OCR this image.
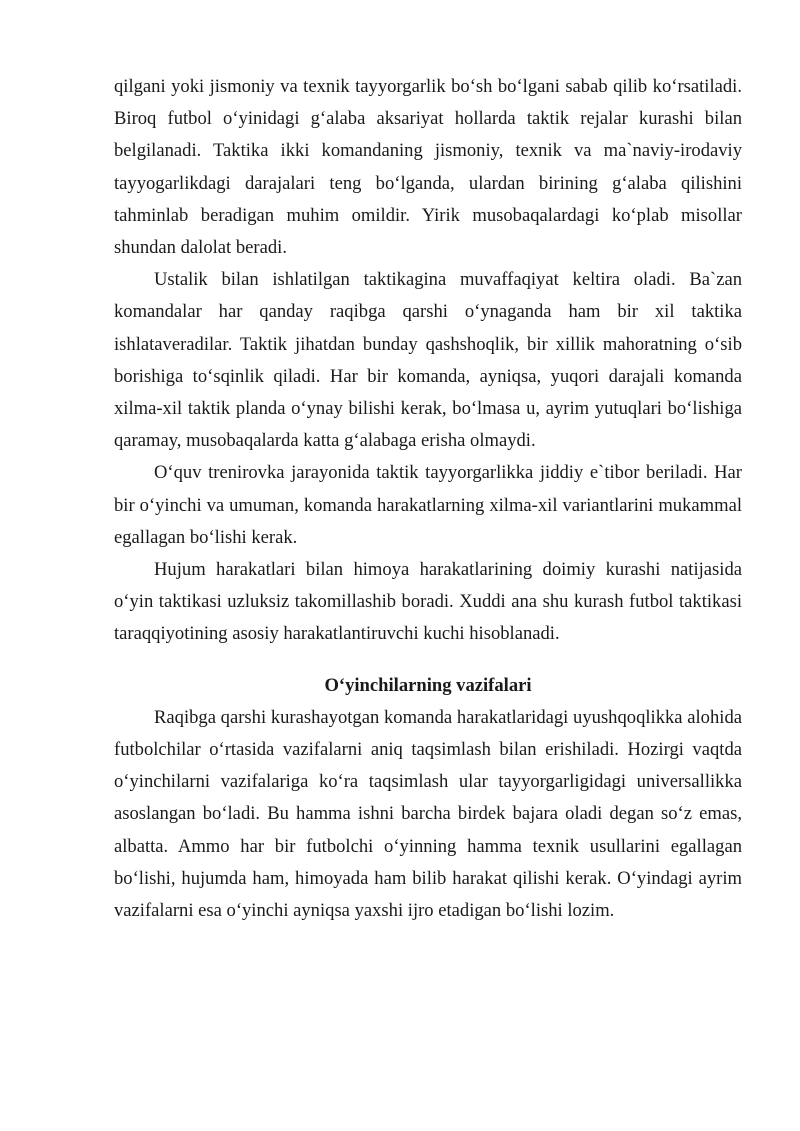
qilgani yoki jismoniy va texnik tayyorgarlik bo‘sh bo‘lgani sabab qilib ko‘rsatiladi. Biroq futbol o‘yinidagi g‘alaba aksariyat hollarda taktik rejalar kurashi bilan belgilanadi. Taktika ikki komandaning jismoniy, texnik va ma`naviy-irodaviy tayyogarlikdagi darajalari teng bo‘lganda, ulardan birining g‘alaba qilishini tahminlab beradigan muhim omildir. Yirik musobaqalardagi ko‘plab misollar shundan dalolat beradi.

Ustalik bilan ishlatilgan taktikagina muvaffaqiyat keltira oladi. Ba`zan komandalar har qanday raqibga qarshi o‘ynaganda ham bir xil taktika ishlataveradilar. Taktik jihatdan bunday qashshoqlik, bir xillik mahoratning o‘sib borishiga to‘sqinlik qiladi. Har bir komanda, ayniqsa, yuqori darajali komanda xilma-xil taktik planda o‘ynay bilishi kerak, bo‘lmasa u, ayrim yutuqlari bo‘lishiga qaramay, musobaqalarda katta g‘alabaga erisha olmaydi.

O‘quv trenirovka jarayonida taktik tayyorgarlikka jiddiy e`tibor beriladi. Har bir o‘yinchi va umuman, komanda harakatlarning xilma-xil variantlarini mukammal egallagan bo‘lishi kerak.

Hujum harakatlari bilan himoya harakatlarining doimiy kurashi natijasida o‘yin taktikasi uzluksiz takomillashib boradi. Xuddi ana shu kurash futbol taktikasi taraqqiyotining asosiy harakatlantiruvchi kuchi hisoblanadi.

O‘yinchilarning vazifalari

Raqibga qarshi kurashayotgan komanda harakatlaridagi uyushqoqlikka alohida futbolchilar o‘rtasida vazifalarni aniq taqsimlash bilan erishiladi. Hozirgi vaqtda o‘yinchilarni vazifalariga ko‘ra taqsimlash ular tayyorgarligidagi universallikka asoslangan bo‘ladi. Bu hamma ishni barcha birdek bajara oladi degan so‘z emas, albatta. Ammo har bir futbolchi o‘yinning hamma texnik usullarini egallagan bo‘lishi, hujumda ham, himoyada ham bilib harakat qilishi kerak. O‘yindagi ayrim vazifalarni esa o‘yinchi ayniqsa yaxshi ijro etadigan bo‘lishi lozim.
